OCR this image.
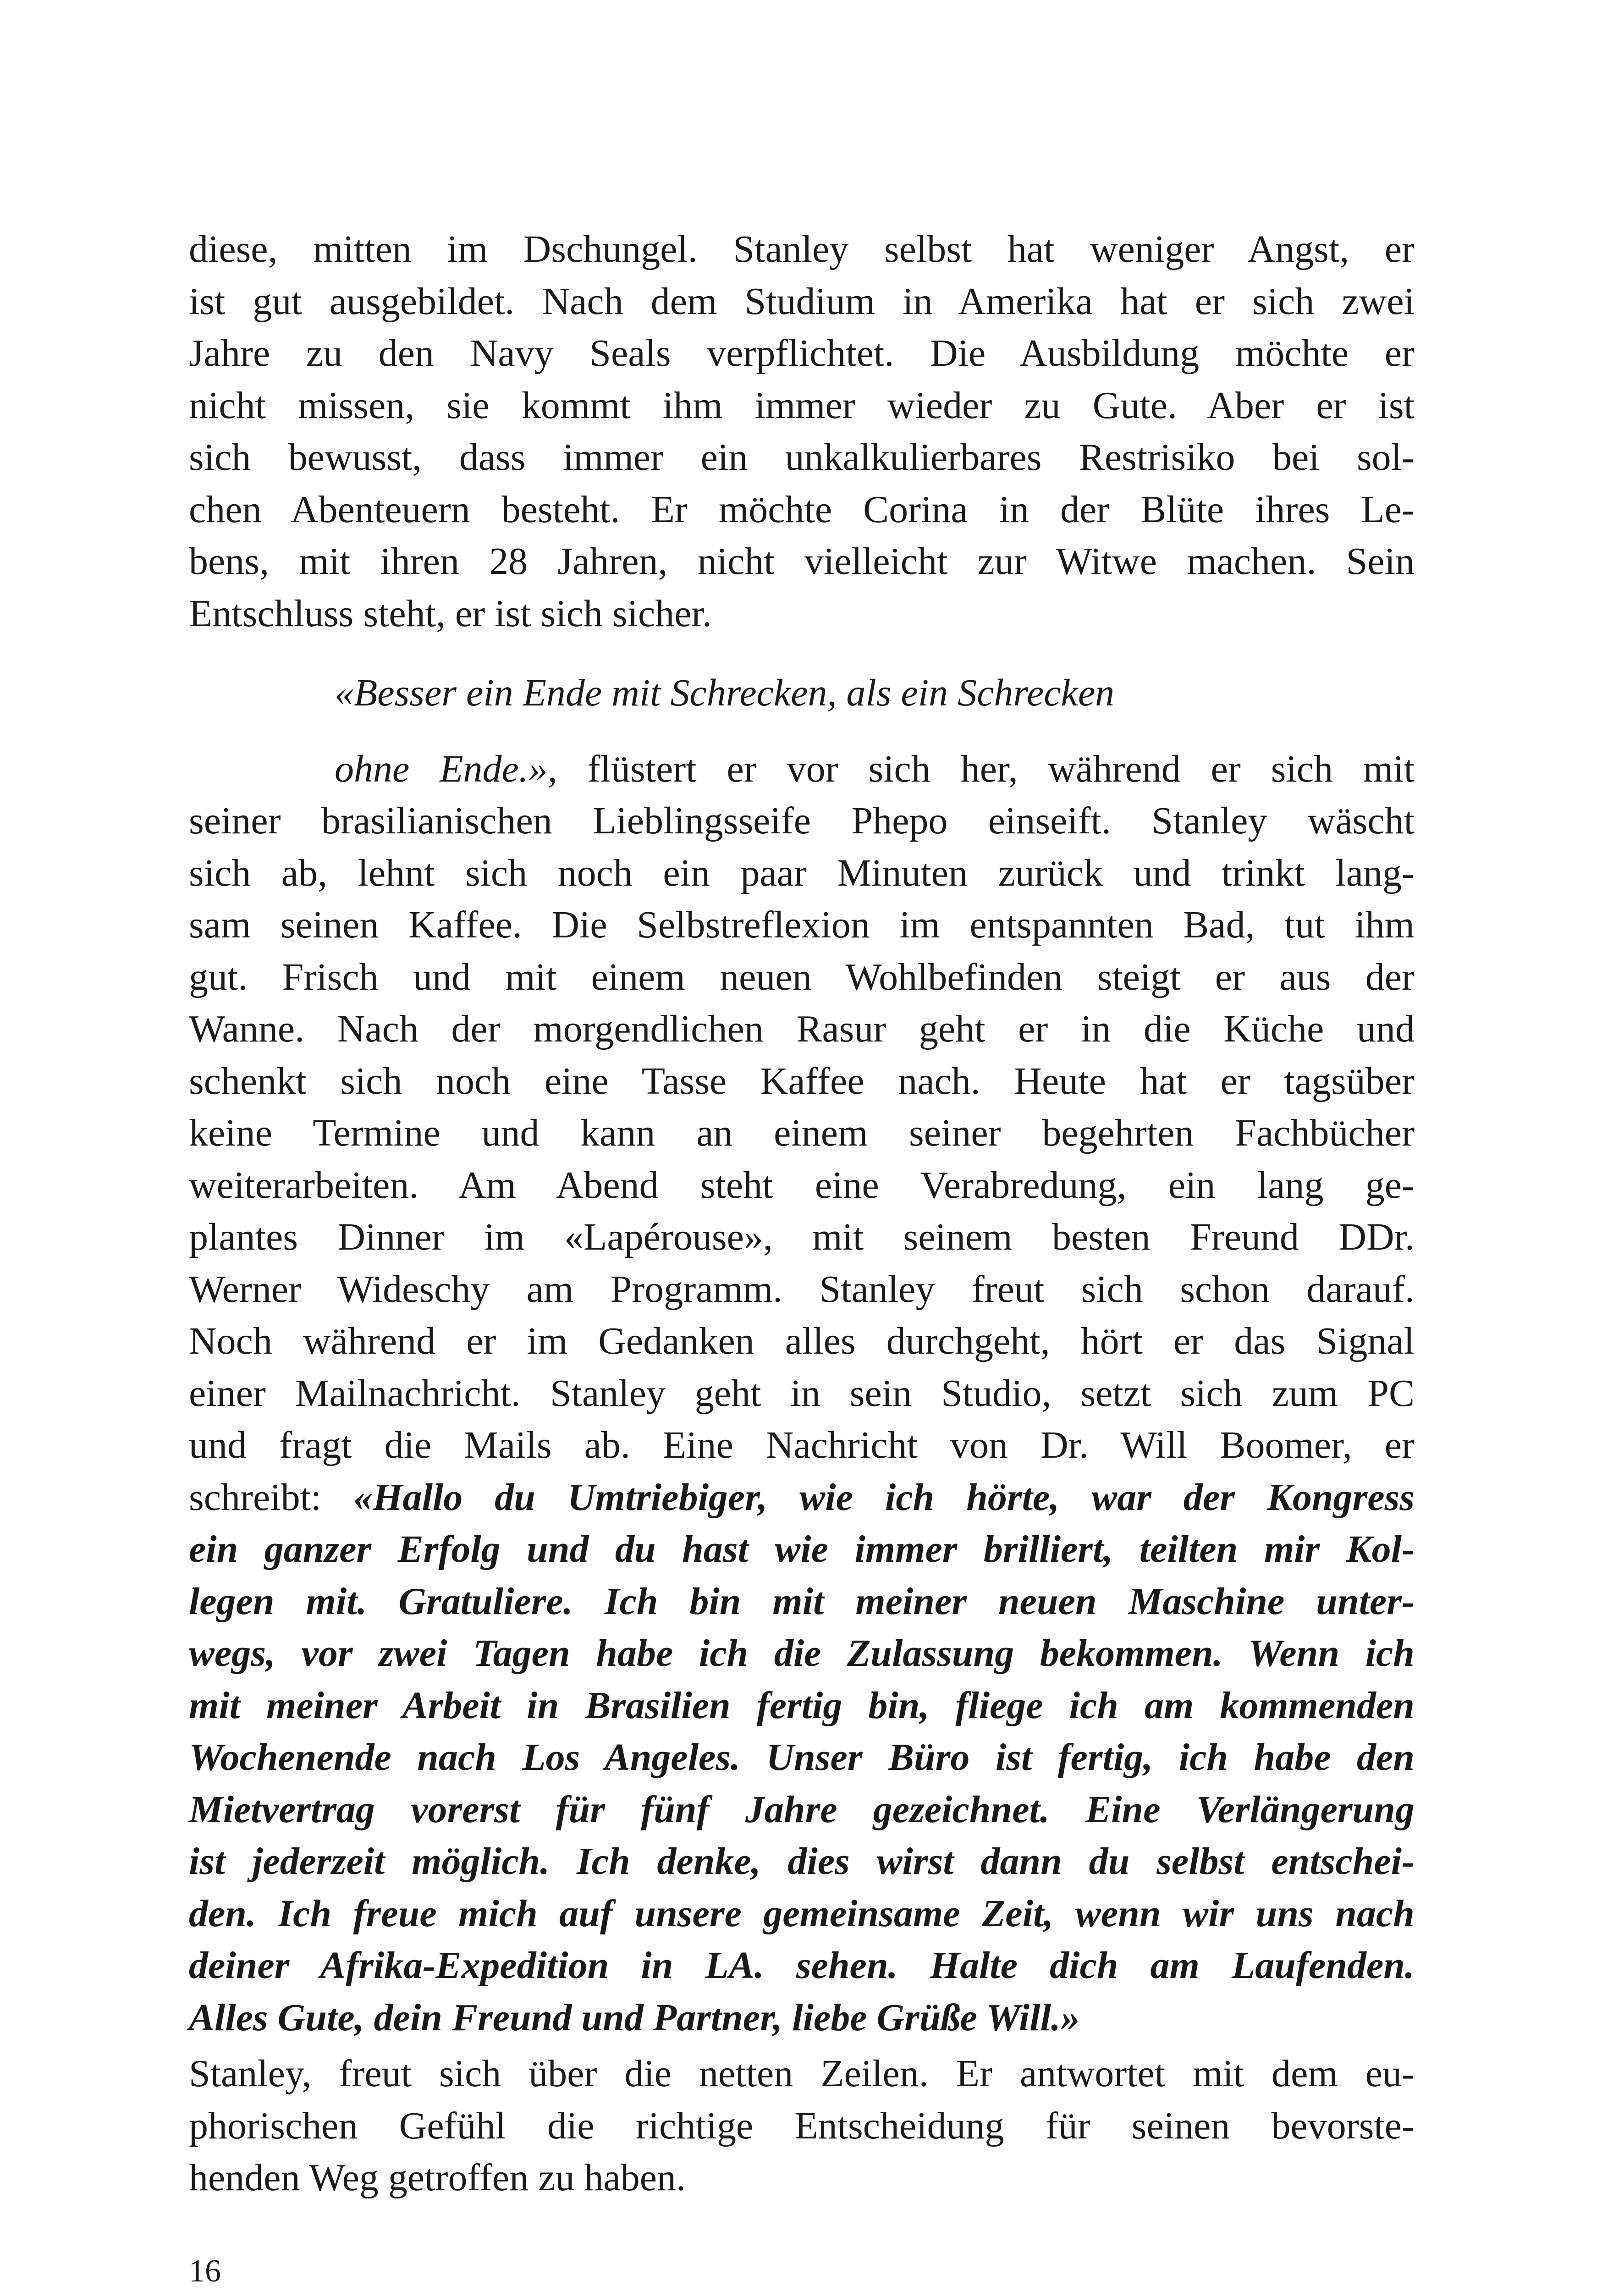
diese, mitten im Dschungel. Stanley selbst hat weniger Angst, er
ist gut ausgebildet. Nach dem Studium in Amerika hat er sich zwei
Jahre zu den Navy Seals verpflichtet. Die Ausbildung möchte er
nicht missen, sie kommt ihm immer wieder zu Gute. Aber er ist
sich bewusst, dass immer ein unkalkulierbares Restrisiko bei sol-
chen Abenteuern besteht. Er möchte Corina in der Blüte ihres Le-
bens, mit ihren 28 Jahren, nicht vielleicht zur Witwe machen. Sein
Entschluss steht, er ist sich sicher.
«Besser ein Ende mit Schrecken, als ein Schrecken
ohne Ende.», flüstert er vor sich her, während er sich mit
seiner brasilianischen Lieblingsseife Phepo einseift. Stanley wäscht
sich ab, lehnt sich noch ein paar Minuten zurück und trinkt lang-
sam seinen Kaffee. Die Selbstreflexion im entspannten Bad, tut ihm
gut. Frisch und mit einem neuen Wohlbefinden steigt er aus der
Wanne. Nach der morgendlichen Rasur geht er in die Küche und
schenkt sich noch eine Tasse Kaffee nach. Heute hat er tagsüber
keine Termine und kann an einem seiner begehrten Fachbücher
weiterarbeiten. Am Abend steht eine Verabredung, ein lang ge-
plantes Dinner im «Lapérouse», mit seinem besten Freund DDr.
Werner Wideschy am Programm. Stanley freut sich schon darauf.
Noch während er im Gedanken alles durchgeht, hört er das Signal
einer Mailnachricht. Stanley geht in sein Studio, setzt sich zum PC
und fragt die Mails ab. Eine Nachricht von Dr. Will Boomer, er
schreibt: «Hallo du Umtriebiger, wie ich hörte, war der Kongress
ein ganzer Erfolg und du hast wie immer brilliert, teilten mir Kol-
legen mit. Gratuliere. Ich bin mit meiner neuen Maschine unter-
wegs, vor zwei Tagen habe ich die Zulassung bekommen. Wenn ich
mit meiner Arbeit in Brasilien fertig bin, fliege ich am kommenden
Wochenende nach Los Angeles. Unser Büro ist fertig, ich habe den
Mietvertrag vorerst für fünf Jahre gezeichnet. Eine Verlängerung
ist jederzeit möglich. Ich denke, dies wirst dann du selbst entschei-
den. Ich freue mich auf unsere gemeinsame Zeit, wenn wir uns nach
deiner Afrika-Expedition in LA. sehen. Halte dich am Laufenden.
Alles Gute, dein Freund und Partner, liebe Grüße Will.»
Stanley, freut sich über die netten Zeilen. Er antwortet mit dem eu-
phorischen Gefühl die richtige Entscheidung für seinen bevorste-
henden Weg getroffen zu haben.
16
